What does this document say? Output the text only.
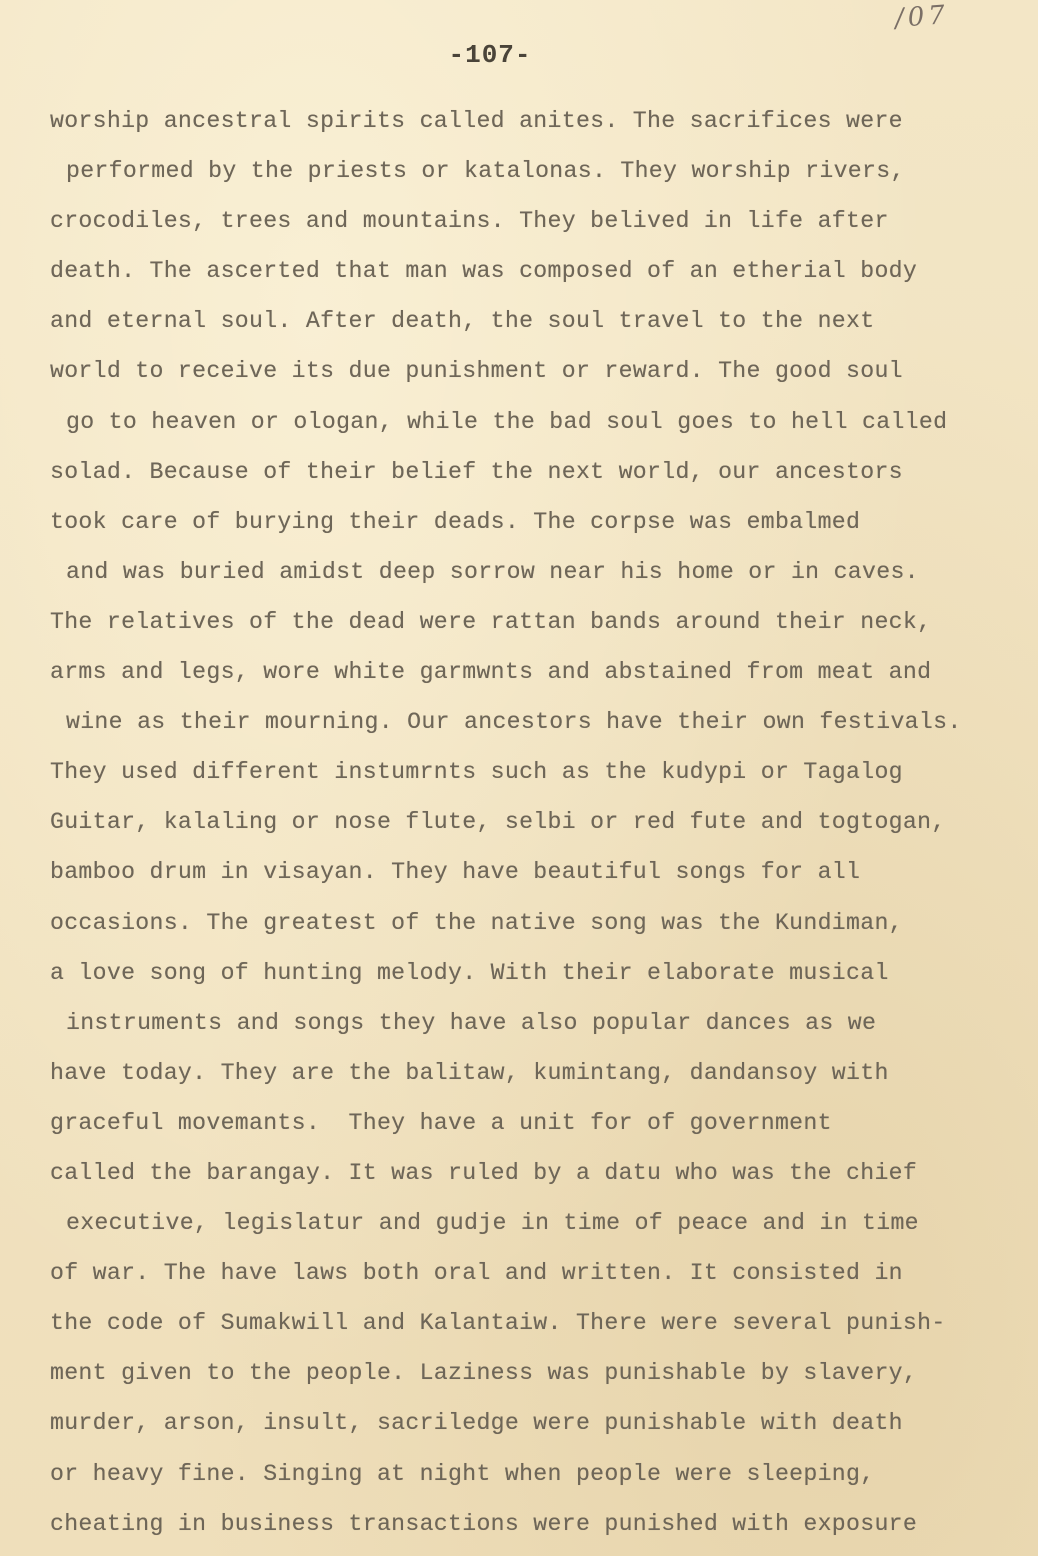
/07
-107-
worship ancestral spirits called anites. The sacrifices were
performed by the priests or katalonas. They worship rivers,
crocodiles, trees and mountains. They belived in life after
death. The ascerted that man was composed of an etherial body
and eternal soul. After death, the soul travel to the next
world to receive its due punishment or reward. The good soul
go to heaven or ologan, while the bad soul goes to hell called
solad. Because of their belief the next world, our ancestors
took care of burying their deads. The corpse was embalmed
and was buried amidst deep sorrow near his home or in caves.
The relatives of the dead were rattan bands around their neck,
arms and legs, wore white garmwnts and abstained from meat and
wine as their mourning. Our ancestors have their own festivals.
They used different instumrnts such as the kudypi or Tagalog
Guitar, kalaling or nose flute, selbi or red fute and togtogan,
bamboo drum in visayan. They have beautiful songs for all
occasions. The greatest of the native song was the Kundiman,
a love song of hunting melody. With their elaborate musical
instruments and songs they have also popular dances as we
have today. They are the balitaw, kumintang, dandansoy with
graceful movemants.  They have a unit for of government
called the barangay. It was ruled by a datu who was the chief
executive, legislatur and gudje in time of peace and in time
of war. The have laws both oral and written. It consisted in
the code of Sumakwill and Kalantaiw. There were several punish-
ment given to the people. Laziness was punishable by slavery,
murder, arson, insult, sacriledge were punishable with death
or heavy fine. Singing at night when people were sleeping,
cheating in business transactions were punished with exposure
